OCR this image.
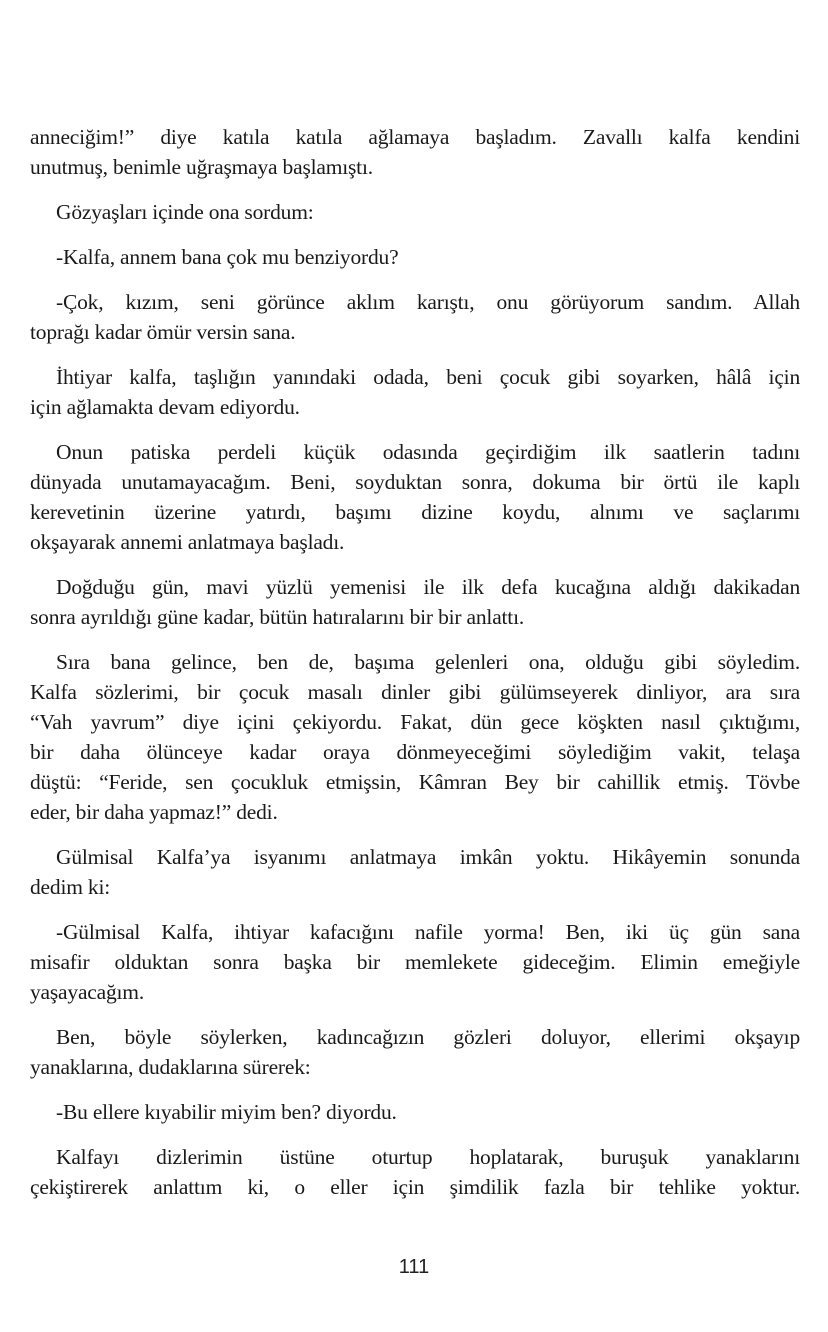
anneciğim!” diye katıla katıla ağlamaya başladım. Zavallı kalfa kendini
unutmuş, benimle uğraşmaya başlamıştı.
Gözyaşları içinde ona sordum:
-Kalfa, annem bana çok mu benziyordu?
-Çok, kızım, seni görünce aklım karıştı, onu görüyorum sandım. Allah
toprağı kadar ömür versin sana.
İhtiyar kalfa, taşlığın yanındaki odada, beni çocuk gibi soyarken, hâlâ için
için ağlamakta devam ediyordu.
Onun patiska perdeli küçük odasında geçirdiğim ilk saatlerin tadını
dünyada unutamayacağım. Beni, soyduktan sonra, dokuma bir örtü ile kaplı
kerevetinin üzerine yatırdı, başımı dizine koydu, alnımı ve saçlarımı
okşayarak annemi anlatmaya başladı.
Doğduğu gün, mavi yüzlü yemenisi ile ilk defa kucağına aldığı dakikadan
sonra ayrıldığı güne kadar, bütün hatıralarını bir bir anlattı.
Sıra bana gelince, ben de, başıma gelenleri ona, olduğu gibi söyledim.
Kalfa sözlerimi, bir çocuk masalı dinler gibi gülümseyerek dinliyor, ara sıra
“Vah yavrum” diye içini çekiyordu. Fakat, dün gece köşkten nasıl çıktığımı,
bir daha ölünceye kadar oraya dönmeyeceğimi söylediğim vakit, telaşa
düştü: “Feride, sen çocukluk etmişsin, Kâmran Bey bir cahillik etmiş. Tövbe
eder, bir daha yapmaz!” dedi.
Gülmisal Kalfa’ya isyanımı anlatmaya imkân yoktu. Hikâyemin sonunda
dedim ki:
-Gülmisal Kalfa, ihtiyar kafacığını nafile yorma! Ben, iki üç gün sana
misafir olduktan sonra başka bir memlekete gideceğim. Elimin emeğiyle
yaşayacağım.
Ben, böyle söylerken, kadıncağızın gözleri doluyor, ellerimi okşayıp
yanaklarına, dudaklarına sürerek:
-Bu ellere kıyabilir miyim ben? diyordu.
Kalfayı dizlerimin üstüne oturtup hoplatarak, buruşuk yanaklarını
çekiştirerek anlattım ki, o eller için şimdilik fazla bir tehlike yoktur.
111
